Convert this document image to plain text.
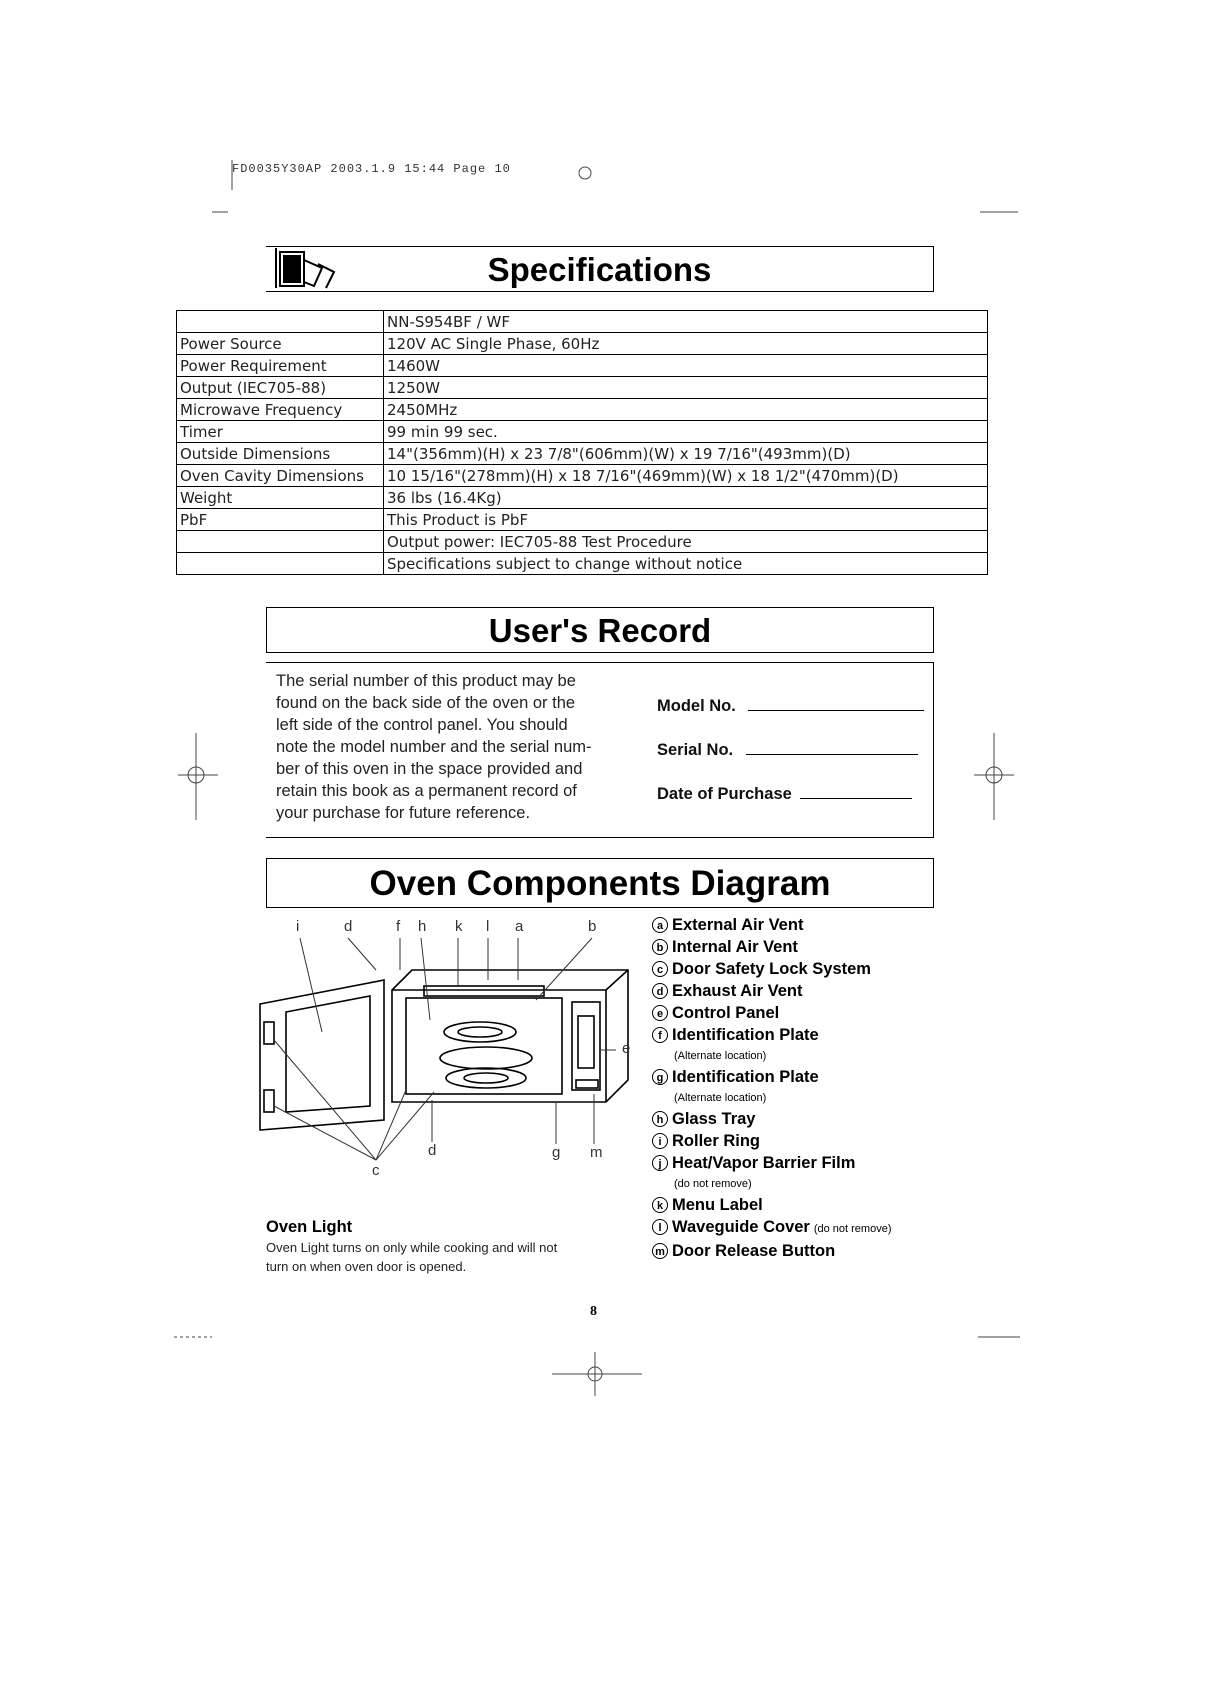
FD0035Y30AP 2003.1.9 15:44 Page 10
Specifications
	NN-S954BF / WF
Power Source	120V AC Single Phase, 60Hz
Power Requirement	1460W
Output (IEC705-88)	1250W
Microwave Frequency	2450MHz
Timer	99 min 99 sec.
Outside Dimensions	14"(356mm)(H) x 23 7/8"(606mm)(W) x 19 7/16"(493mm)(D)
Oven Cavity Dimensions	10 15/16"(278mm)(H) x 18 7/16"(469mm)(W) x 18 1/2"(470mm)(D)
Weight	36 lbs (16.4Kg)
PbF	This Product is PbF
	Output power: IEC705-88 Test Procedure
	Specifications subject to change without notice
User's Record
The serial number of this product may be
found on the back side of the oven or the
left side of the control panel. You should
note the model number and the serial num-
ber of this oven in the space provided and
retain this book as a permanent record of
your purchase for future reference.
Model No.
Serial No.
Date of Purchase
Oven Components Diagram
i	d	f h k l a	b
e
c
d	g m
a External Air Vent
b Internal Air Vent
c Door Safety Lock System
d Exhaust Air Vent
e Control Panel
f Identification Plate
(Alternate location)
g Identification Plate
(Alternate location)
h Glass Tray
i Roller Ring
j Heat/Vapor Barrier Film
(do not remove)
k Menu Label
l Waveguide Cover (do not remove)
m Door Release Button
Oven Light
Oven Light turns on only while cooking and will not
turn on when oven door is opened.
8
